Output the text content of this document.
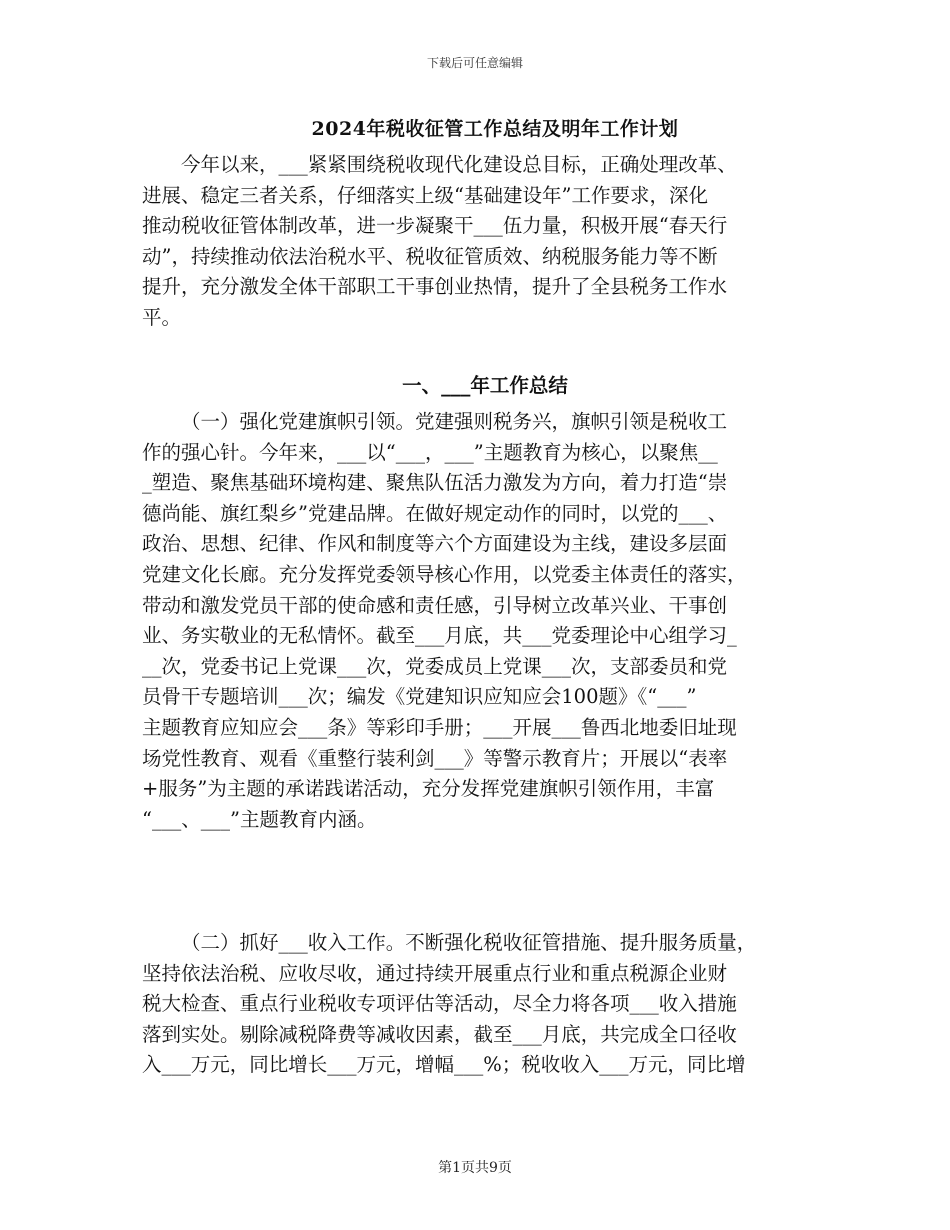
下载后可任意编辑
2024年税收征管工作总结及明年工作计划
今年以来，___紧紧围绕税收现代化建设总目标，正确处理改革、
进展、稳定三者关系，仔细落实上级“基础建设年”工作要求，深化
推动税收征管体制改革，进一步凝聚干___伍力量，积极开展“春天行
动”，持续推动依法治税水平、税收征管质效、纳税服务能力等不断
提升，充分激发全体干部职工干事创业热情，提升了全县税务工作水
平。
一、___年工作总结
（一）强化党建旗帜引领。党建强则税务兴，旗帜引领是税收工
作的强心针。今年来，___以“___，___”主题教育为核心，以聚焦__
_塑造、聚焦基础环境构建、聚焦队伍活力激发为方向，着力打造“崇
德尚能、旗红梨乡”党建品牌。在做好规定动作的同时，以党的___、
政治、思想、纪律、作风和制度等六个方面建设为主线，建设多层面
党建文化长廊。充分发挥党委领导核心作用，以党委主体责任的落实，
带动和激发党员干部的使命感和责任感，引导树立改革兴业、干事创
业、务实敬业的无私情怀。截至___月底，共___党委理论中心组学习_
__次，党委书记上党课___次，党委成员上党课___次，支部委员和党
员骨干专题培训___次；编发《党建知识应知应会100题》《“___”
主题教育应知应会___条》等彩印手册；___开展___鲁西北地委旧址现
场党性教育、观看《重整行装利剑___》等警示教育片；开展以“表率
+服务”为主题的承诺践诺活动，充分发挥党建旗帜引领作用，丰富
“___、___”主题教育内涵。
（二）抓好___收入工作。不断强化税收征管措施、提升服务质量，
坚持依法治税、应收尽收，通过持续开展重点行业和重点税源企业财
税大检查、重点行业税收专项评估等活动，尽全力将各项___收入措施
落到实处。剔除减税降费等减收因素，截至___月底，共完成全口径收
入___万元，同比增长___万元，增幅___%；税收收入___万元，同比增
第1页共9页
